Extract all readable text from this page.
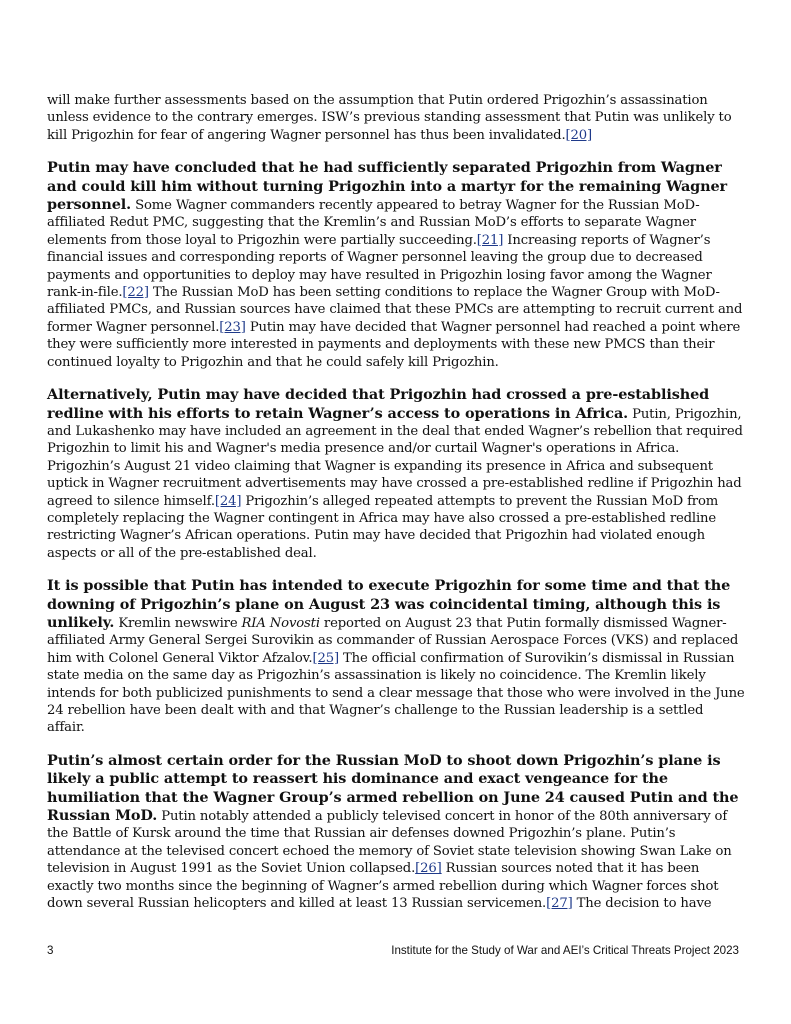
will make further assessments based on the assumption that Putin ordered Prigozhin’s assassination unless evidence to the contrary emerges. ISW’s previous standing assessment that Putin was unlikely to kill Prigozhin for fear of angering Wagner personnel has thus been invalidated.[20]

Putin may have concluded that he had sufficiently separated Prigozhin from Wagner and could kill him without turning Prigozhin into a martyr for the remaining Wagner personnel. Some Wagner commanders recently appeared to betray Wagner for the Russian MoD-affiliated Redut PMC, suggesting that the Kremlin’s and Russian MoD’s efforts to separate Wagner elements from those loyal to Prigozhin were partially succeeding.[21] Increasing reports of Wagner’s financial issues and corresponding reports of Wagner personnel leaving the group due to decreased payments and opportunities to deploy may have resulted in Prigozhin losing favor among the Wagner rank-in-file.[22] The Russian MoD has been setting conditions to replace the Wagner Group with MoD-affiliated PMCs, and Russian sources have claimed that these PMCs are attempting to recruit current and former Wagner personnel.[23] Putin may have decided that Wagner personnel had reached a point where they were sufficiently more interested in payments and deployments with these new PMCS than their continued loyalty to Prigozhin and that he could safely kill Prigozhin.

Alternatively, Putin may have decided that Prigozhin had crossed a pre-established redline with his efforts to retain Wagner’s access to operations in Africa. Putin, Prigozhin, and Lukashenko may have included an agreement in the deal that ended Wagner’s rebellion that required Prigozhin to limit his and Wagner's media presence and/or curtail Wagner's operations in Africa. Prigozhin’s August 21 video claiming that Wagner is expanding its presence in Africa and subsequent uptick in Wagner recruitment advertisements may have crossed a pre-established redline if Prigozhin had agreed to silence himself.[24] Prigozhin’s alleged repeated attempts to prevent the Russian MoD from completely replacing the Wagner contingent in Africa may have also crossed a pre-established redline restricting Wagner’s African operations. Putin may have decided that Prigozhin had violated enough aspects or all of the pre-established deal.

It is possible that Putin has intended to execute Prigozhin for some time and that the downing of Prigozhin’s plane on August 23 was coincidental timing, although this is unlikely. Kremlin newswire RIA Novosti reported on August 23 that Putin formally dismissed Wagner-affiliated Army General Sergei Surovikin as commander of Russian Aerospace Forces (VKS) and replaced him with Colonel General Viktor Afzalov.[25] The official confirmation of Surovikin’s dismissal in Russian state media on the same day as Prigozhin’s assassination is likely no coincidence. The Kremlin likely intends for both publicized punishments to send a clear message that those who were involved in the June 24 rebellion have been dealt with and that Wagner’s challenge to the Russian leadership is a settled affair.

Putin’s almost certain order for the Russian MoD to shoot down Prigozhin’s plane is likely a public attempt to reassert his dominance and exact vengeance for the humiliation that the Wagner Group’s armed rebellion on June 24 caused Putin and the Russian MoD. Putin notably attended a publicly televised concert in honor of the 80th anniversary of the Battle of Kursk around the time that Russian air defenses downed Prigozhin’s plane. Putin’s attendance at the televised concert echoed the memory of Soviet state television showing Swan Lake on television in August 1991 as the Soviet Union collapsed.[26] Russian sources noted that it has been exactly two months since the beginning of Wagner’s armed rebellion during which Wagner forces shot down several Russian helicopters and killed at least 13 Russian servicemen.[27] The decision to have

3	Institute for the Study of War and AEI’s Critical Threats Project 2023
